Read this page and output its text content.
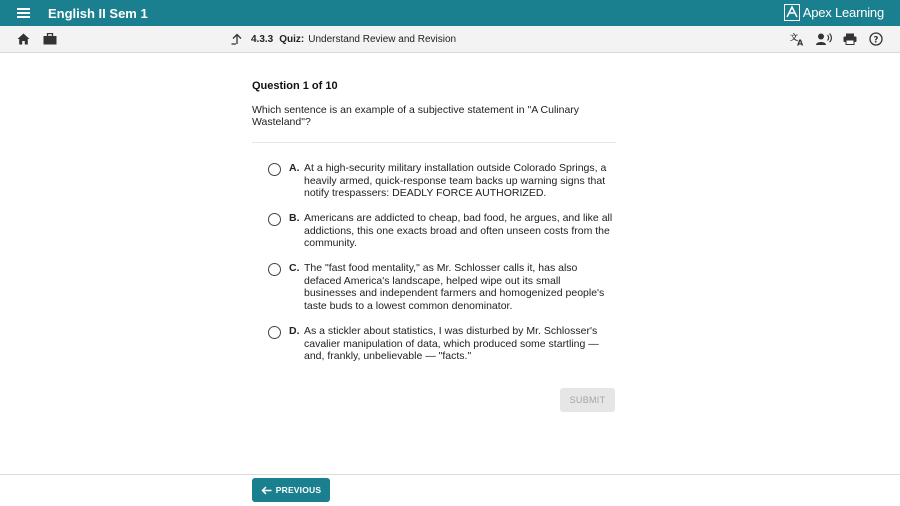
English II Sem 1	Apex Learning
4.3.3 Quiz: Understand Review and Revision	文
A	?
Question 1 of 10
Which sentence is an example of a subjective statement in "A Culinary Wasteland"?
A. At a high-security military installation outside Colorado Springs, a heavily armed, quick-response team backs up warning signs that notify trespassers: DEADLY FORCE AUTHORIZED.
B. Americans are addicted to cheap, bad food, he argues, and like all addictions, this one exacts broad and often unseen costs from the community.
C. The "fast food mentality," as Mr. Schlosser calls it, has also defaced America's landscape, helped wipe out its small businesses and independent farmers and homogenized people's taste buds to a lowest common denominator.
D. As a stickler about statistics, I was disturbed by Mr. Schlosser's cavalier manipulation of data, which produced some startling — and, frankly, unbelievable — "facts."
SUBMIT
PREVIOUS
